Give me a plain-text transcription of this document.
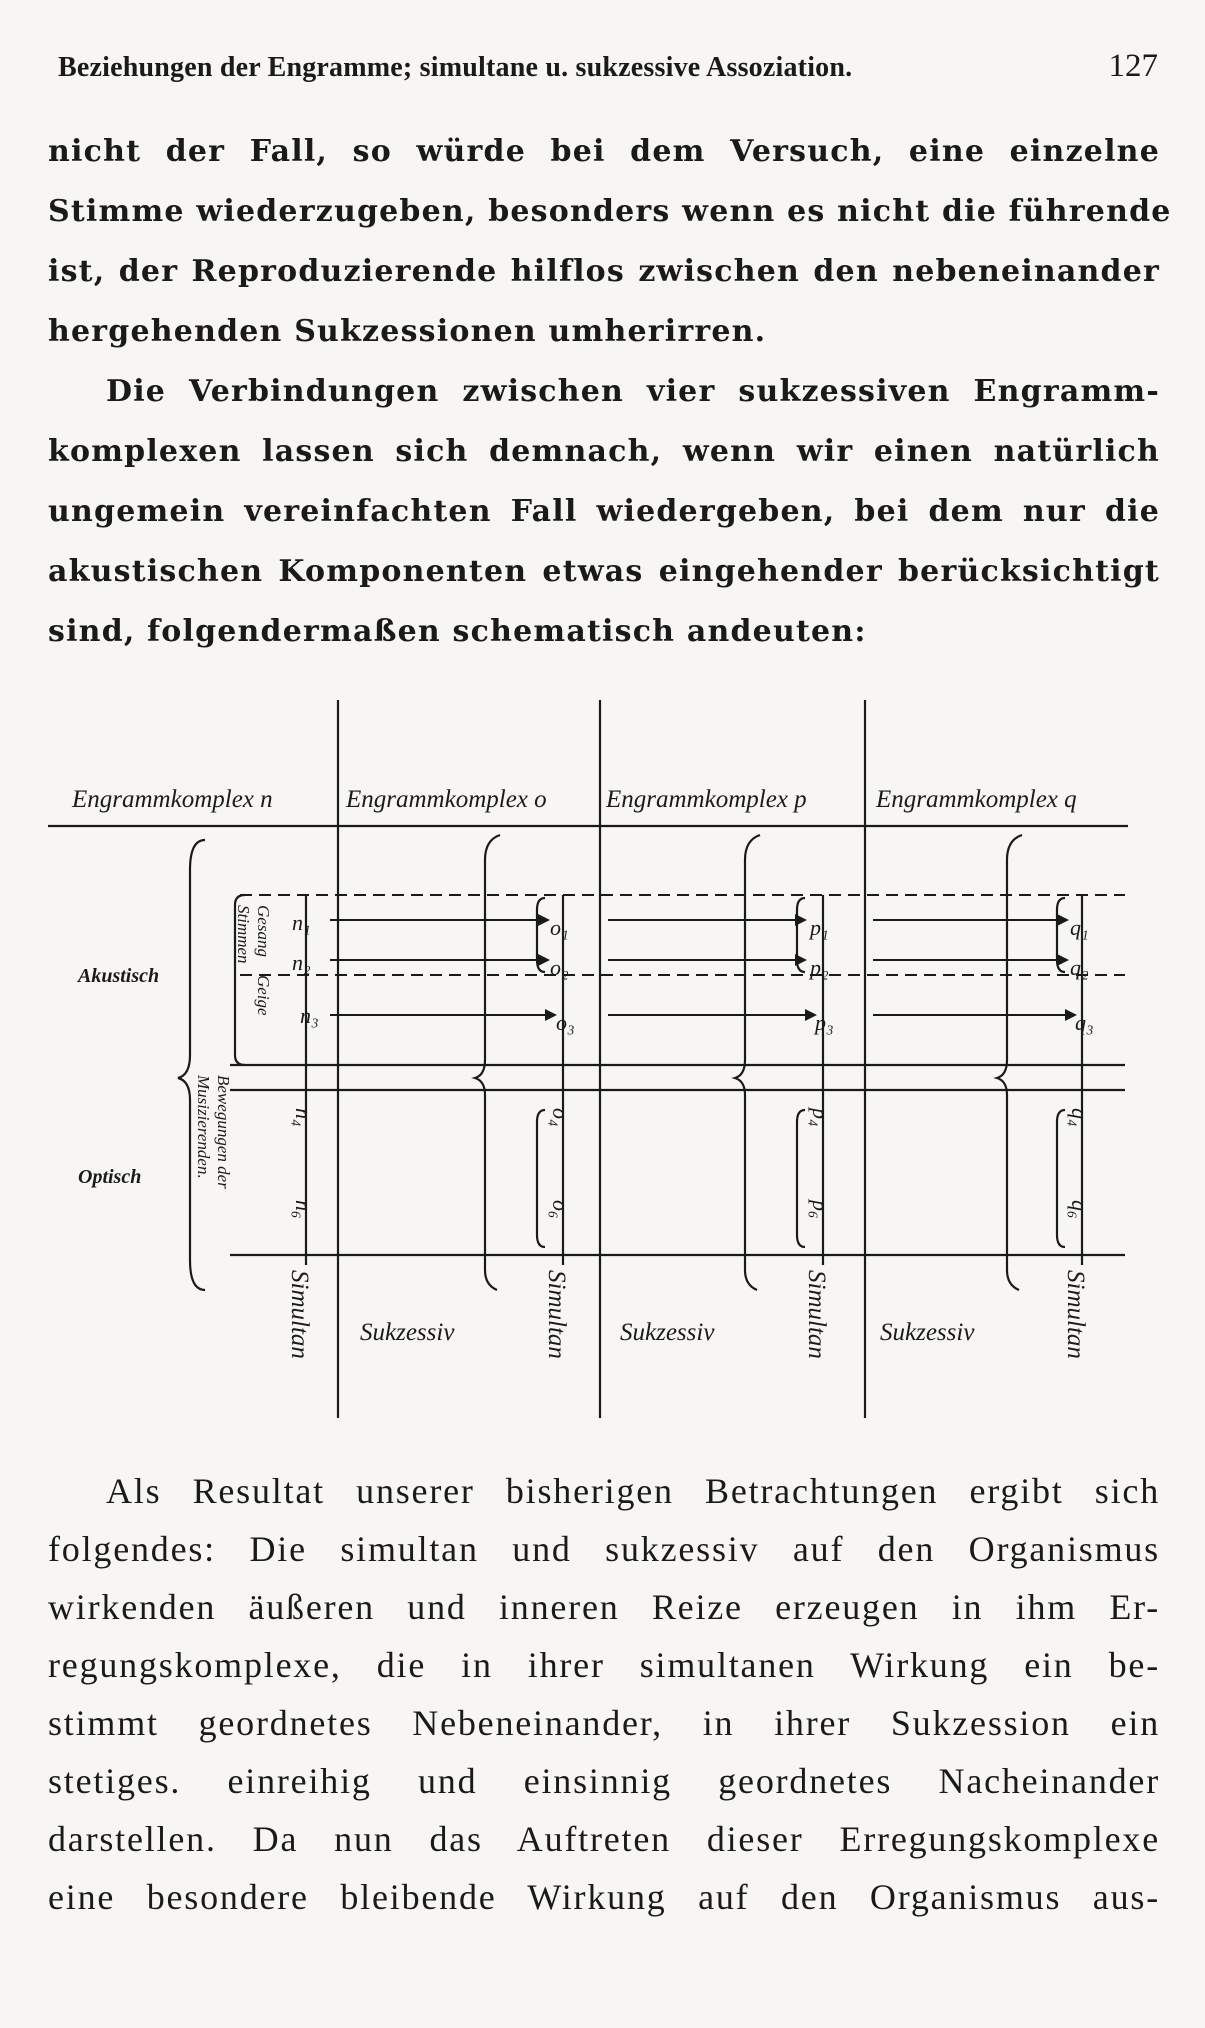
Beziehungen der Engramme; simultane u. sukzessive Assoziation.	127
nicht der Fall, so würde bei dem Versuch, eine einzelne
Stimme wiederzugeben, besonders wenn es nicht die führende
ist, der Reproduzierende hilflos zwischen den nebeneinander
hergehenden Sukzessionen umherirren.
Die Verbindungen zwischen vier sukzessiven Engramm-
komplexen lassen sich demnach, wenn wir einen natürlich
ungemein vereinfachten Fall wiedergeben, bei dem nur die
akustischen Komponenten etwas eingehender berücksichtigt
sind, folgendermaßen schematisch andeuten:
Engrammkomplex n	Engrammkomplex o Engrammkomplex p	Engrammkomplex q
Akustisch
Optisch
Gesang
Geige
Stimmen
Bewegungen der
Musizierenden.
n₁
n₂
n₃
o₁
o₂
o₃
p₁
p₂
p₃
q₁
q₂
q₃
n₄
n₆
o₄
o₆
p₄
p₆
q₄
q₆
Simultan	Simultan	Simultan	Simultan
Sukzessiv	Sukzessiv	Sukzessiv
Als Resultat unserer bisherigen Betrachtungen ergibt sich
folgendes: Die simultan und sukzessiv auf den Organismus
wirkenden äußeren und inneren Reize erzeugen in ihm Er-
regungskomplexe, die in ihrer simultanen Wirkung ein be-
stimmt geordnetes Nebeneinander, in ihrer Sukzession ein
stetiges. einreihig und einsinnig geordnetes Nacheinander
darstellen. Da nun das Auftreten dieser Erregungskomplexe
eine besondere bleibende Wirkung auf den Organismus aus-
